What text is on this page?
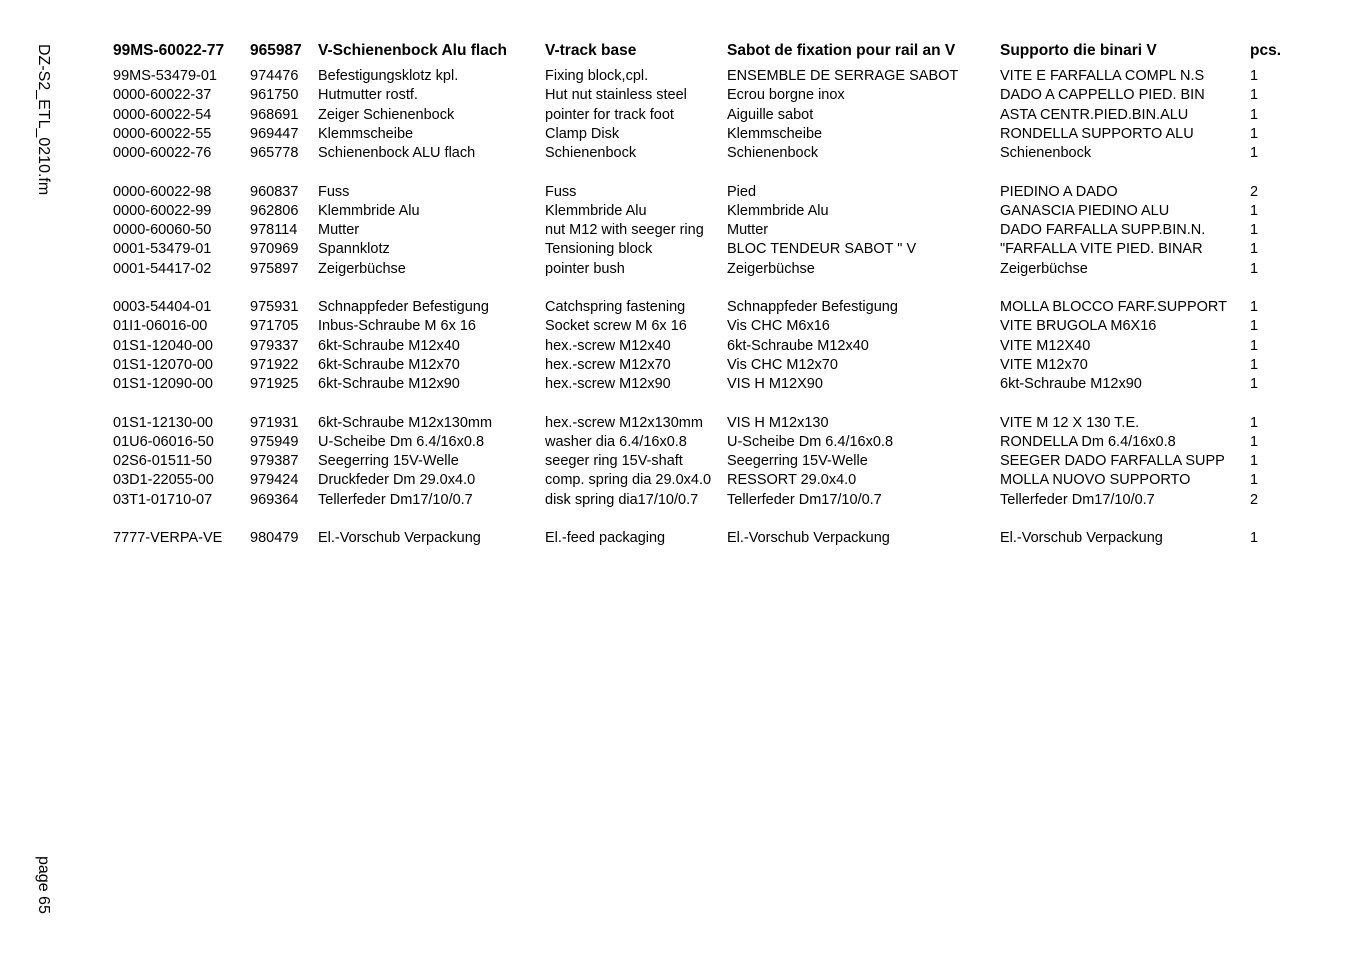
DZ-S2_ETL_0210.fm
page 65
99MS-60022-77	965987	V-Schienenbock Alu flach	V-track base	Sabot de fixation pour rail an V	Supporto die binari V	pcs.
99MS-53479-01	974476	Befestigungsklotz kpl.	Fixing block,cpl.	ENSEMBLE DE SERRAGE SABOT	VITE E FARFALLA COMPL N.S	1
0000-60022-37	961750	Hutmutter rostf.	Hut nut stainless steel	Ecrou borgne inox	DADO A CAPPELLO PIED. BIN	1
0000-60022-54	968691	Zeiger Schienenbock	pointer for track foot	Aiguille sabot	ASTA CENTR.PIED.BIN.ALU	1
0000-60022-55	969447	Klemmscheibe	Clamp Disk	Klemmscheibe	RONDELLA SUPPORTO ALU	1
0000-60022-76	965778	Schienenbock ALU flach	Schienenbock	Schienenbock	Schienenbock	1
0000-60022-98	960837	Fuss	Fuss	Pied	PIEDINO A DADO	2
0000-60022-99	962806	Klemmbride Alu	Klemmbride Alu	Klemmbride Alu	GANASCIA PIEDINO ALU	1
0000-60060-50	978114	Mutter	nut M12 with seeger ring	Mutter	DADO FARFALLA SUPP.BIN.N.	1
0001-53479-01	970969	Spannklotz	Tensioning block	BLOC TENDEUR SABOT " V	"FARFALLA VITE PIED. BINAR	1
0001-54417-02	975897	Zeigerbüchse	pointer bush	Zeigerbüchse	Zeigerbüchse	1
0003-54404-01	975931	Schnappfeder Befestigung	Catchspring fastening	Schnappfeder Befestigung	MOLLA BLOCCO FARF.SUPPORT	1
01I1-06016-00	971705	Inbus-Schraube M 6x 16	Socket screw M 6x 16	Vis CHC M6x16	VITE BRUGOLA M6X16	1
01S1-12040-00	979337	6kt-Schraube M12x40	hex.-screw M12x40	6kt-Schraube M12x40	VITE M12X40	1
01S1-12070-00	971922	6kt-Schraube M12x70	hex.-screw M12x70	Vis CHC M12x70	VITE M12x70	1
01S1-12090-00	971925	6kt-Schraube M12x90	hex.-screw M12x90	VIS H M12X90	6kt-Schraube M12x90	1
01S1-12130-00	971931	6kt-Schraube M12x130mm	hex.-screw M12x130mm	VIS H M12x130	VITE M 12 X 130 T.E.	1
01U6-06016-50	975949	U-Scheibe Dm 6.4/16x0.8	washer dia 6.4/16x0.8	U-Scheibe Dm 6.4/16x0.8	RONDELLA Dm 6.4/16x0.8	1
02S6-01511-50	979387	Seegerring 15V-Welle	seeger ring 15V-shaft	Seegerring 15V-Welle	SEEGER DADO FARFALLA SUPP	1
03D1-22055-00	979424	Druckfeder Dm 29.0x4.0	comp. spring dia 29.0x4.0	RESSORT 29.0x4.0	MOLLA NUOVO SUPPORTO	1
03T1-01710-07	969364	Tellerfeder Dm17/10/0.7	disk spring dia17/10/0.7	Tellerfeder Dm17/10/0.7	Tellerfeder Dm17/10/0.7	2
7777-VERPA-VE	980479	El.-Vorschub Verpackung	El.-feed packaging	El.-Vorschub Verpackung	El.-Vorschub Verpackung	1
